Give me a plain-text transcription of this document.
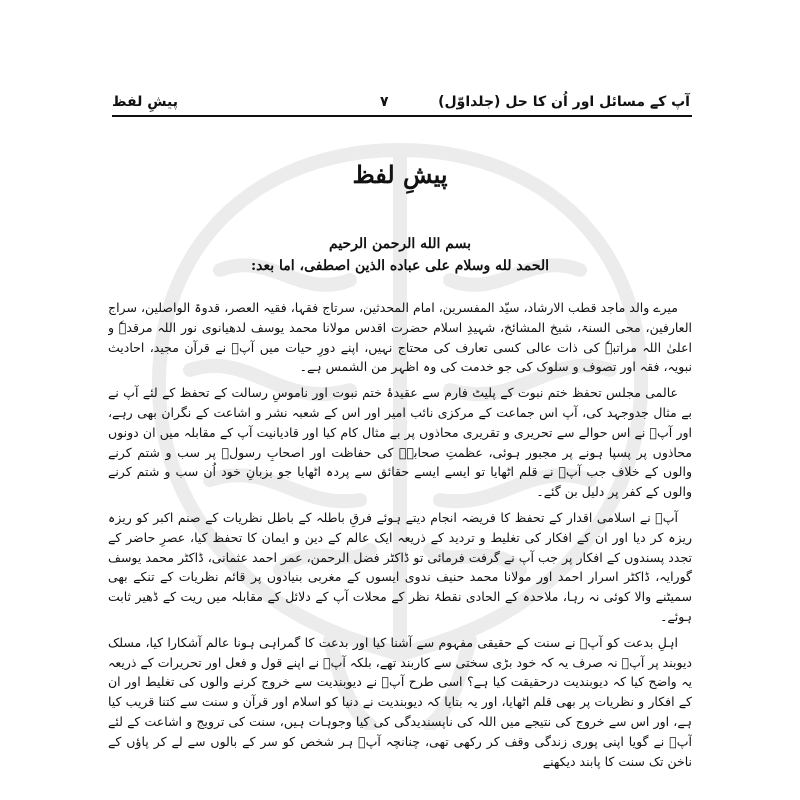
آپ کے مسائل اور اُن کا حل (جلداوّل)
۷
پیشِ لفظ
پیشِ لفظ
بسم الله الرحمن الرحيم
الحمد لله وسلام على عباده الذين اصطفى، اما بعد:

میرے والد ماجد قطب الارشاد، سیّد المفسرین، امام المحدثین، سرتاج فقہا، فقیہ العصر، قدوۃ الواصلین، سراج العارفین، محی السنۃ، شیخ المشائخ، شہیدِ اسلام حضرت اقدس مولانا محمد یوسف لدھیانوی نور اللہ مرقدہٗ و اعلیٰ اللہ مراتبہٗ کی ذات عالی کسی تعارف کی محتاج نہیں، اپنے دورِ حیات میں آپؒ نے قرآن مجید، احادیث نبویہ، فقہ اور تصوف و سلوک کی جو خدمت کی وہ اظہر من الشمس ہے۔

عالمی مجلس تحفظ ختم نبوت کے پلیٹ فارم سے عقیدۂ ختم نبوت اور ناموسِ رسالت کے تحفظ کے لئے آپ نے بے مثال جدوجہد کی، آپ اس جماعت کے مرکزی نائب امیر اور اس کے شعبہ نشر و اشاعت کے نگران بھی رہے، اور آپؒ نے اس حوالے سے تحریری و تقریری محاذوں پر بے مثال کام کیا اور قادیانیت آپ کے مقابلہ میں ان دونوں محاذوں پر پسپا ہونے پر مجبور ہوئی، عظمتِ صحابہؓ کی حفاظت اور اصحابِ رسولؐ پر سب و شتم کرنے والوں کے خلاف جب آپؒ نے قلم اٹھایا تو ایسے ایسے حقائق سے پردہ اٹھایا جو بزبانِ خود اُن سب و شتم کرنے والوں کے کفر پر دلیل بن گئے۔

آپؒ نے اسلامی اقدار کے تحفظ کا فریضہ انجام دیتے ہوئے فرقِ باطلہ کے باطل نظریات کے صنم اکبر کو ریزہ ریزہ کر دیا اور ان کے افکار کی تغلیط و تردید کے ذریعہ ایک عالم کے دین و ایمان کا تحفظ کیا، عصرِ حاضر کے تجدد پسندوں کے افکار پر جب آپ نے گرفت فرمائی تو ڈاکٹر فضل الرحمن، عمر احمد عثمانی، ڈاکٹر محمد یوسف گورایہ، ڈاکٹر اسرار احمد اور مولانا محمد حنیف ندوی ایسوں کے مغربی بنیادوں پر قائم نظریات کے تنکے بھی سمیٹنے والا کوئی نہ رہا، ملاحدہ کے الحادی نقطۂ نظر کے محلات آپ کے دلائل کے مقابلہ میں ریت کے ڈھیر ثابت ہوئے۔

اہلِ بدعت کو آپؒ نے سنت کے حقیقی مفہوم سے آشنا کیا اور بدعت کا گمراہی ہونا عالم آشکارا کیا، مسلک دیوبند پر آپؒ نہ صرف یہ کہ خود بڑی سختی سے کاربند تھے، بلکہ آپؒ نے اپنے قول و فعل اور تحریرات کے ذریعہ یہ واضح کیا کہ دیوبندیت درحقیقت کیا ہے؟ اسی طرح آپؒ نے دیوبندیت سے خروج کرنے والوں کی تغلیط اور ان کے افکار و نظریات پر بھی قلم اٹھایا، اور یہ بتایا کہ دیوبندیت نے دنیا کو اسلام اور قرآن و سنت سے کتنا قریب کیا ہے، اور اس سے خروج کی نتیجے میں اللہ کی ناپسندیدگی کی کیا وجوہات ہیں، سنت کی ترویج و اشاعت کے لئے آپؒ نے گویا اپنی پوری زندگی وقف کر رکھی تھی، چنانچہ آپؒ ہر شخص کو سر کے بالوں سے لے کر پاؤں کے ناخن تک سنت کا پابند دیکھنے
